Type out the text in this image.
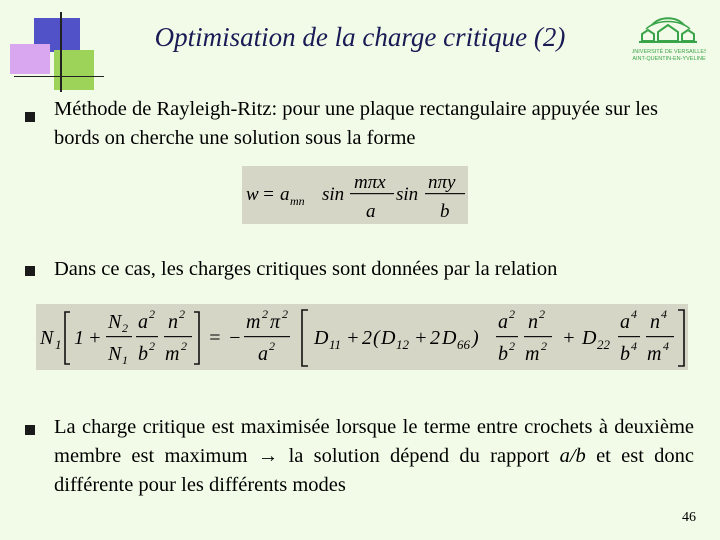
Optimisation de la charge critique (2)	UNIVERSITÉ DE VERSAILLES
SAINT-QUENTIN-EN-YVELINES
Méthode de Rayleigh-Ritz: pour une plaque rectangulaire appuyée sur les bords on cherche une solution sous la forme
w = a mn sin
mπx
a
sin
nπy
b
Dans ce cas, les charges critiques sont données par la relation
N 1 1 +
N 2
N 1
a 2
b 2
n 2
m 2 = −
m 2 π 2
a 2 D 11 + 2 ( D 12 + 2 D 66 )
a 2
b 2
n 2
m 2 + D 22
a 4
b 4
n 4
m 4
La charge critique est maximisée lorsque le terme entre crochets à deuxième membre est maximum → la solution dépend du rapport a/b et est donc différente pour les différents modes
46
